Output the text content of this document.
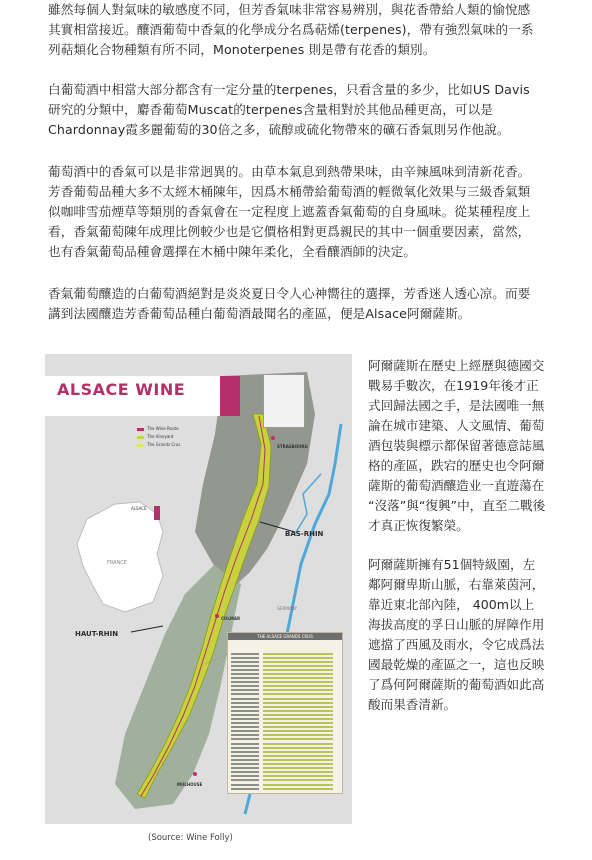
雖然每個人對氣味的敏感度不同，但芳香氣味非常容易辨別，與花香帶給人類的愉悅感
其實相當接近。釀酒葡萄中香氣的化學成分名爲萜烯(terpenes)，帶有強烈氣味的一系
列萜類化合物種類有所不同，Monoterpenes 則是帶有花香的類別。

白葡萄酒中相當大部分都含有一定分量的terpenes，只看含量的多少，比如US Davis
研究的分類中，麝香葡萄Muscat的terpenes含量相對於其他品種更高，可以是
Chardonnay霞多麗葡萄的30倍之多，硫醇或硫化物帶來的礦石香氣則另作他說。

葡萄酒中的香氣可以是非常迥異的。由草本氣息到熱帶果味，由辛辣風味到清新花香。
芳香葡萄品種大多不太經木桶陳年，因爲木桶帶給葡萄酒的輕微氧化效果与三級香氣類
似咖啡雪茄煙草等類別的香氣會在一定程度上遮蓋香氣葡萄的自身風味。從某種程度上
看，香氣葡萄陳年成理比例較少也是它價格相對更爲親民的其中一個重要因素，當然，
也有香氣葡萄品種會選擇在木桶中陳年柔化，全看釀酒師的決定。

香氣葡萄釀造的白葡萄酒絕對是炎炎夏日令人心神嚮往的選擇，芳香迷人透心凉。而要
講到法國釀造芳香葡萄品種白葡萄酒最聞名的產區，便是Alsace阿爾薩斯。

ALSACE WINE
The Wine Route
The Vineyard
The Grands Crus
ALSACE
FRANCE
BAS-RHIN
HAUT-RHIN
STRASBOURG
COLMAR
MULHOUSE
GERMANY
THE ALSACE GRANDS CRUS
(Source: Wine Folly)

阿爾薩斯在歷史上經歷與德國交
戰易手數次，在1919年後才正
式回歸法國之手，是法國唯一無
論在城市建築、人文風情、葡萄
酒包裝與標示都保留著德意誌風
格的產區，跌宕的歷史也令阿爾
薩斯的葡萄酒釀造业一直遊蕩在
“沒落”與“復興”中，直至二戰後
才真正恢復繁榮。

阿爾薩斯擁有51個特級園，左
鄰阿爾卑斯山脈，右靠萊茵河，
靠近東北部內陸， 400m以上
海拔高度的孚日山脈的屏障作用
遮擋了西風及雨水，令它成爲法
國最乾燥的產區之一，這也反映
了爲何阿爾薩斯的葡萄酒如此高
酸而果香清新。
